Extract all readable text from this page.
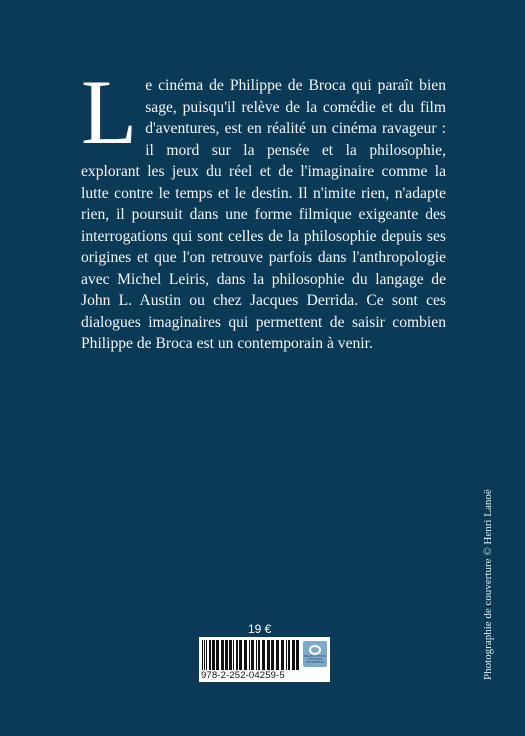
Le cinéma de Philippe de Broca qui paraît bien sage, puisqu'il relève de la comédie et du film d'aventures, est en réalité un cinéma ravageur : il mord sur la pensée et la philosophie, explorant les jeux du réel et de l'imaginaire comme la lutte contre le temps et le destin. Il n'imite rien, n'adapte rien, il poursuit dans une forme filmique exigeante des interrogations qui sont celles de la philosophie depuis ses origines et que l'on retrouve parfois dans l'anthropologie avec Michel Leiris, dans la philosophie du langage de John L. Austin ou chez Jacques Derrida. Ce sont ces dialogues imaginaires qui permettent de saisir combien Philippe de Broca est un contemporain à venir.
19 €
978-2-252-04259-5
BELLES LETTRES DIFFUSION DISTRIBUTION	Photographie de couverture © Henri Lanoë
